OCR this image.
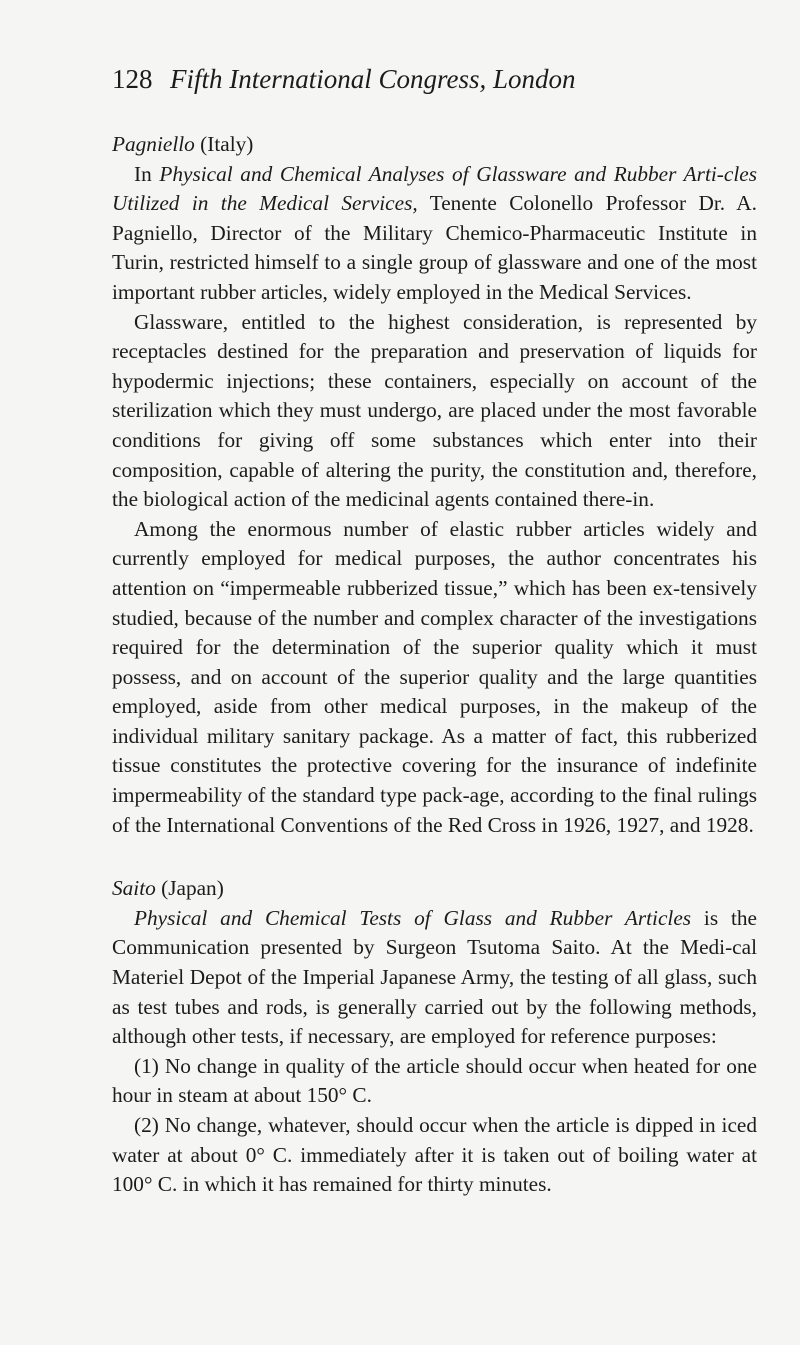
128 Fifth International Congress, London

Pagniello (Italy)

In Physical and Chemical Analyses of Glassware and Rubber Arti-cles Utilized in the Medical Services, Tenente Colonello Professor Dr. A. Pagniello, Director of the Military Chemico-Pharmaceutic Institute in Turin, restricted himself to a single group of glassware and one of the most important rubber articles, widely employed in the Medical Services.

Glassware, entitled to the highest consideration, is represented by receptacles destined for the preparation and preservation of liquids for hypodermic injections; these containers, especially on account of the sterilization which they must undergo, are placed under the most favorable conditions for giving off some substances which enter into their composition, capable of altering the purity, the constitution and, therefore, the biological action of the medicinal agents contained there-in.

Among the enormous number of elastic rubber articles widely and currently employed for medical purposes, the author concentrates his attention on “impermeable rubberized tissue,” which has been ex-tensively studied, because of the number and complex character of the investigations required for the determination of the superior quality which it must possess, and on account of the superior quality and the large quantities employed, aside from other medical purposes, in the makeup of the individual military sanitary package. As a matter of fact, this rubberized tissue constitutes the protective covering for the insurance of indefinite impermeability of the standard type pack-age, according to the final rulings of the International Conventions of the Red Cross in 1926, 1927, and 1928.

Saito (Japan)

Physical and Chemical Tests of Glass and Rubber Articles is the Communication presented by Surgeon Tsutoma Saito. At the Medi-cal Materiel Depot of the Imperial Japanese Army, the testing of all glass, such as test tubes and rods, is generally carried out by the following methods, although other tests, if necessary, are employed for reference purposes:

(1) No change in quality of the article should occur when heated for one hour in steam at about 150° C.

(2) No change, whatever, should occur when the article is dipped in iced water at about 0° C. immediately after it is taken out of boiling water at 100° C. in which it has remained for thirty minutes.
